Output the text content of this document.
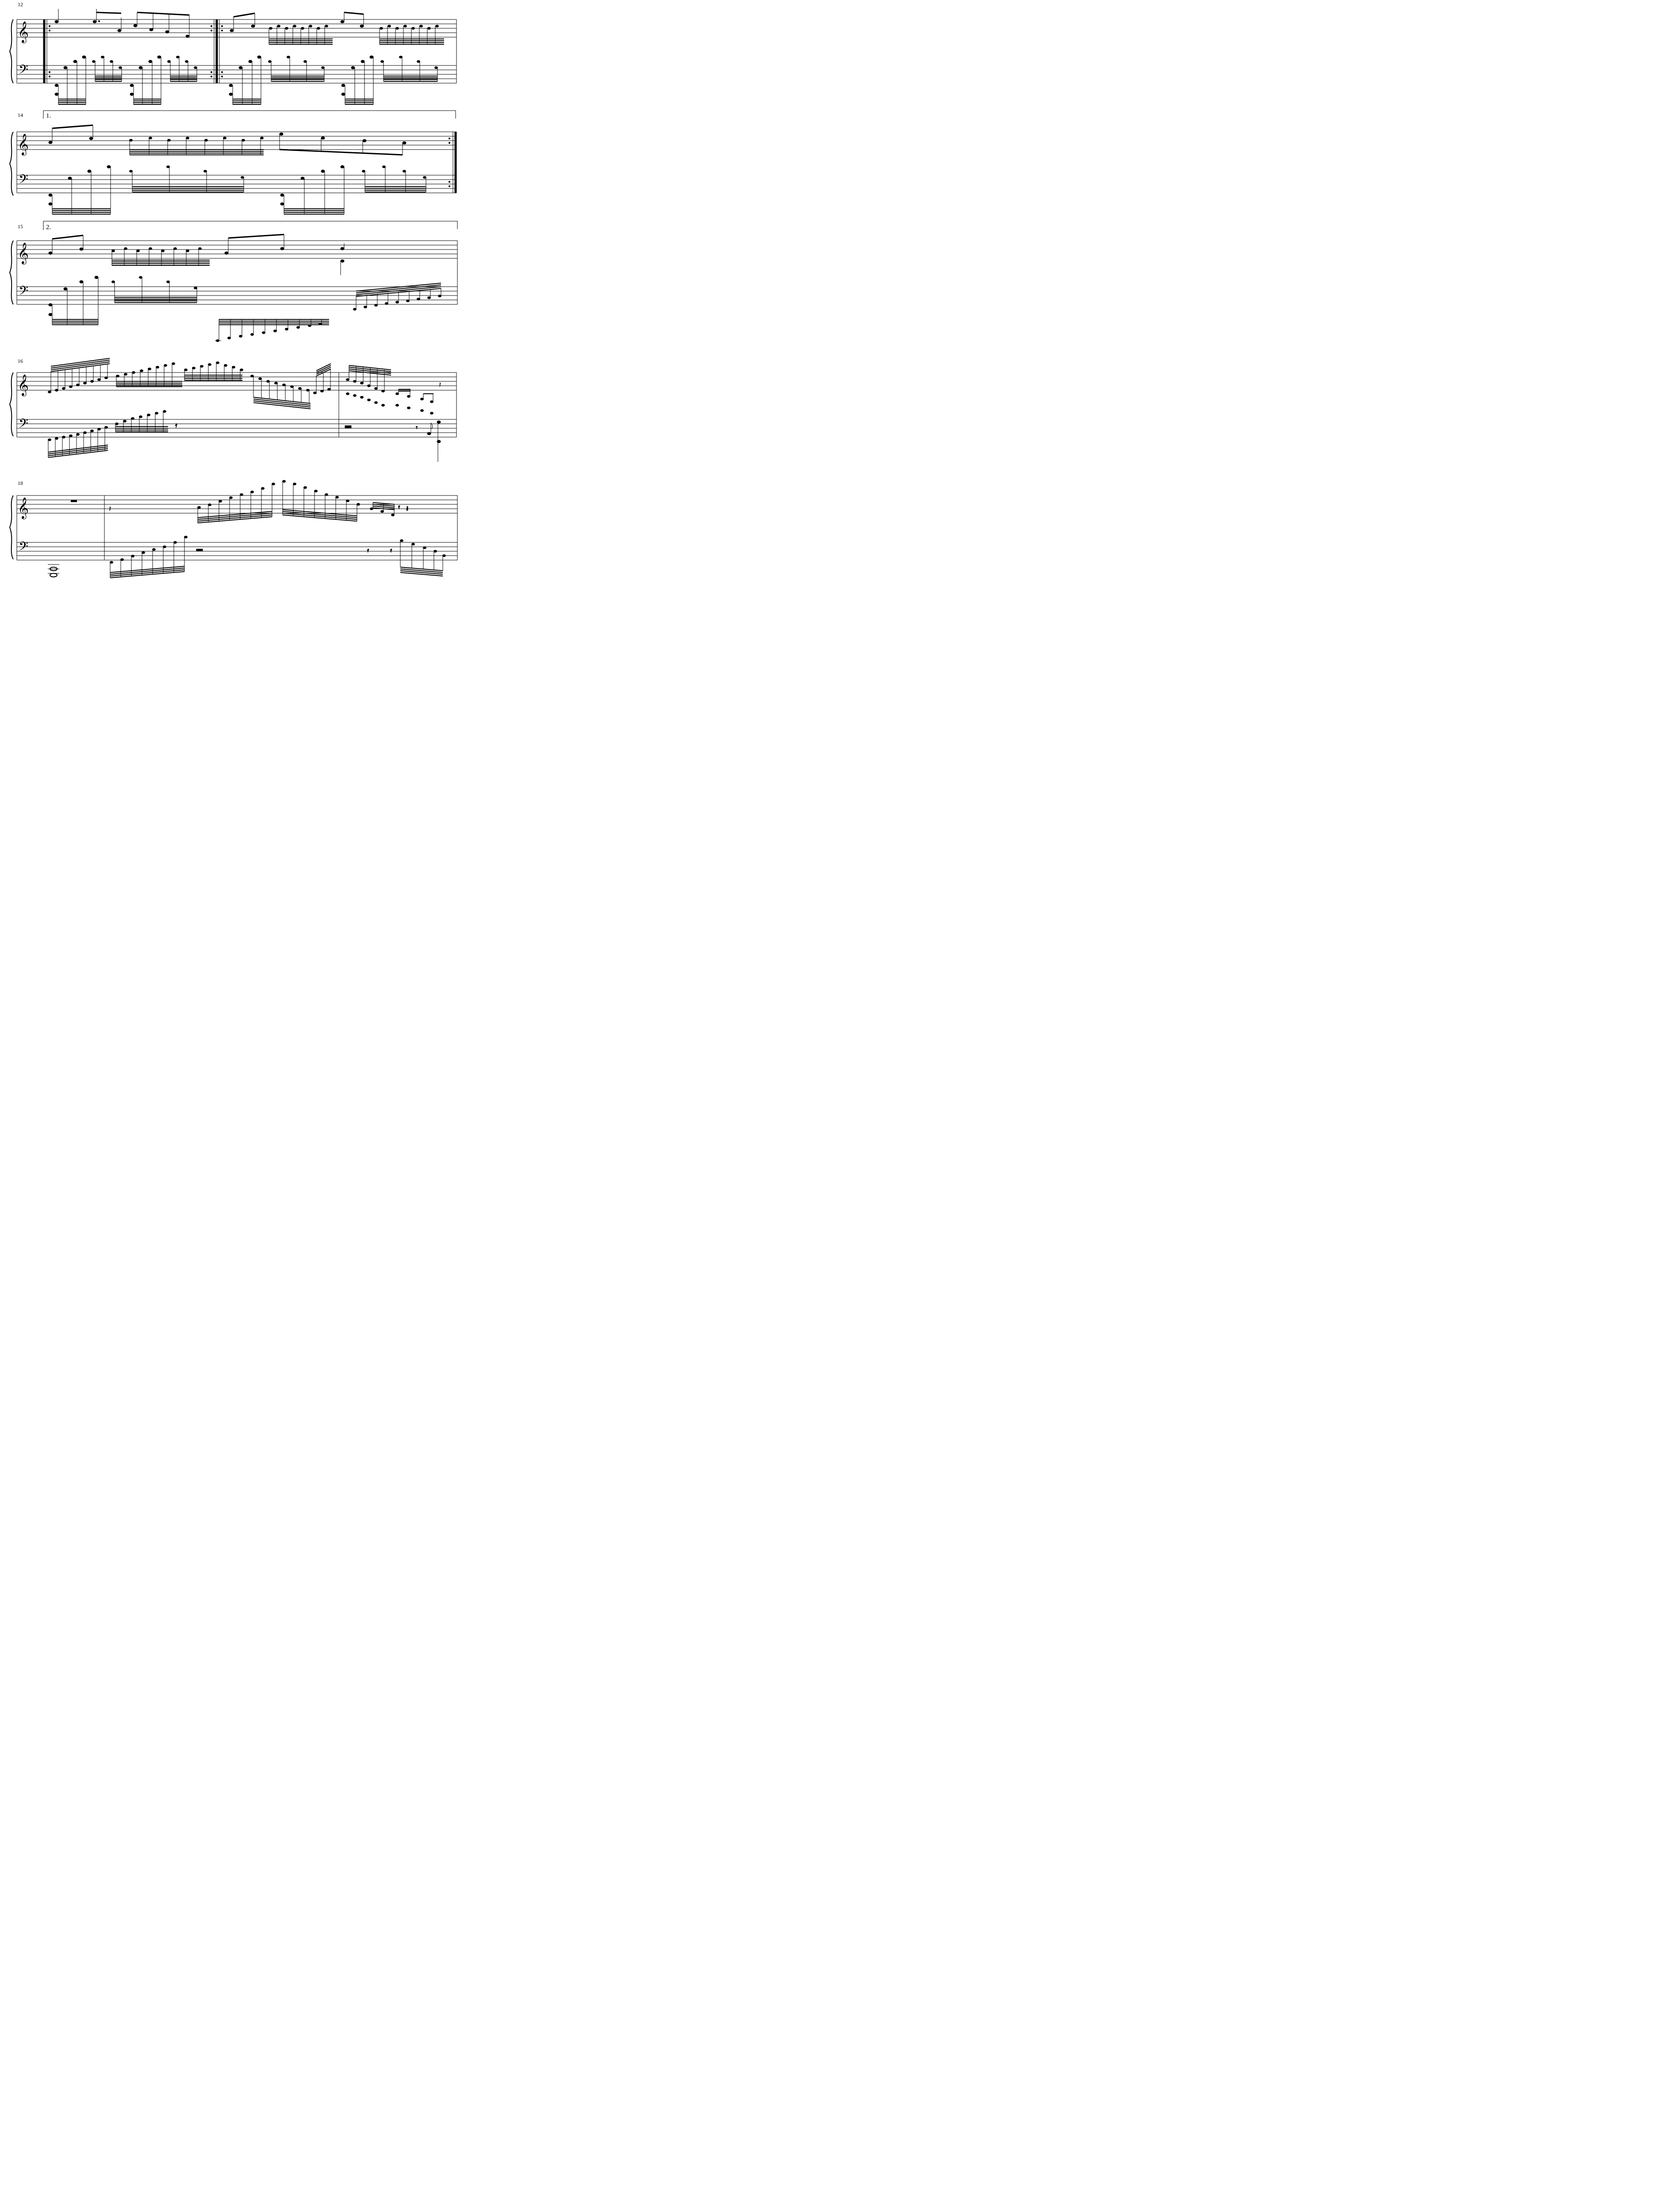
12
𝄞
𝄢
14	1.
𝄞
𝄢
15	2.
𝄞
𝄢
16
𝄞
𝄢
𝄽
𝄿	𝄾
18
𝄞
𝄢
𝄽	𝄿 𝄽
𝄿	𝄿
